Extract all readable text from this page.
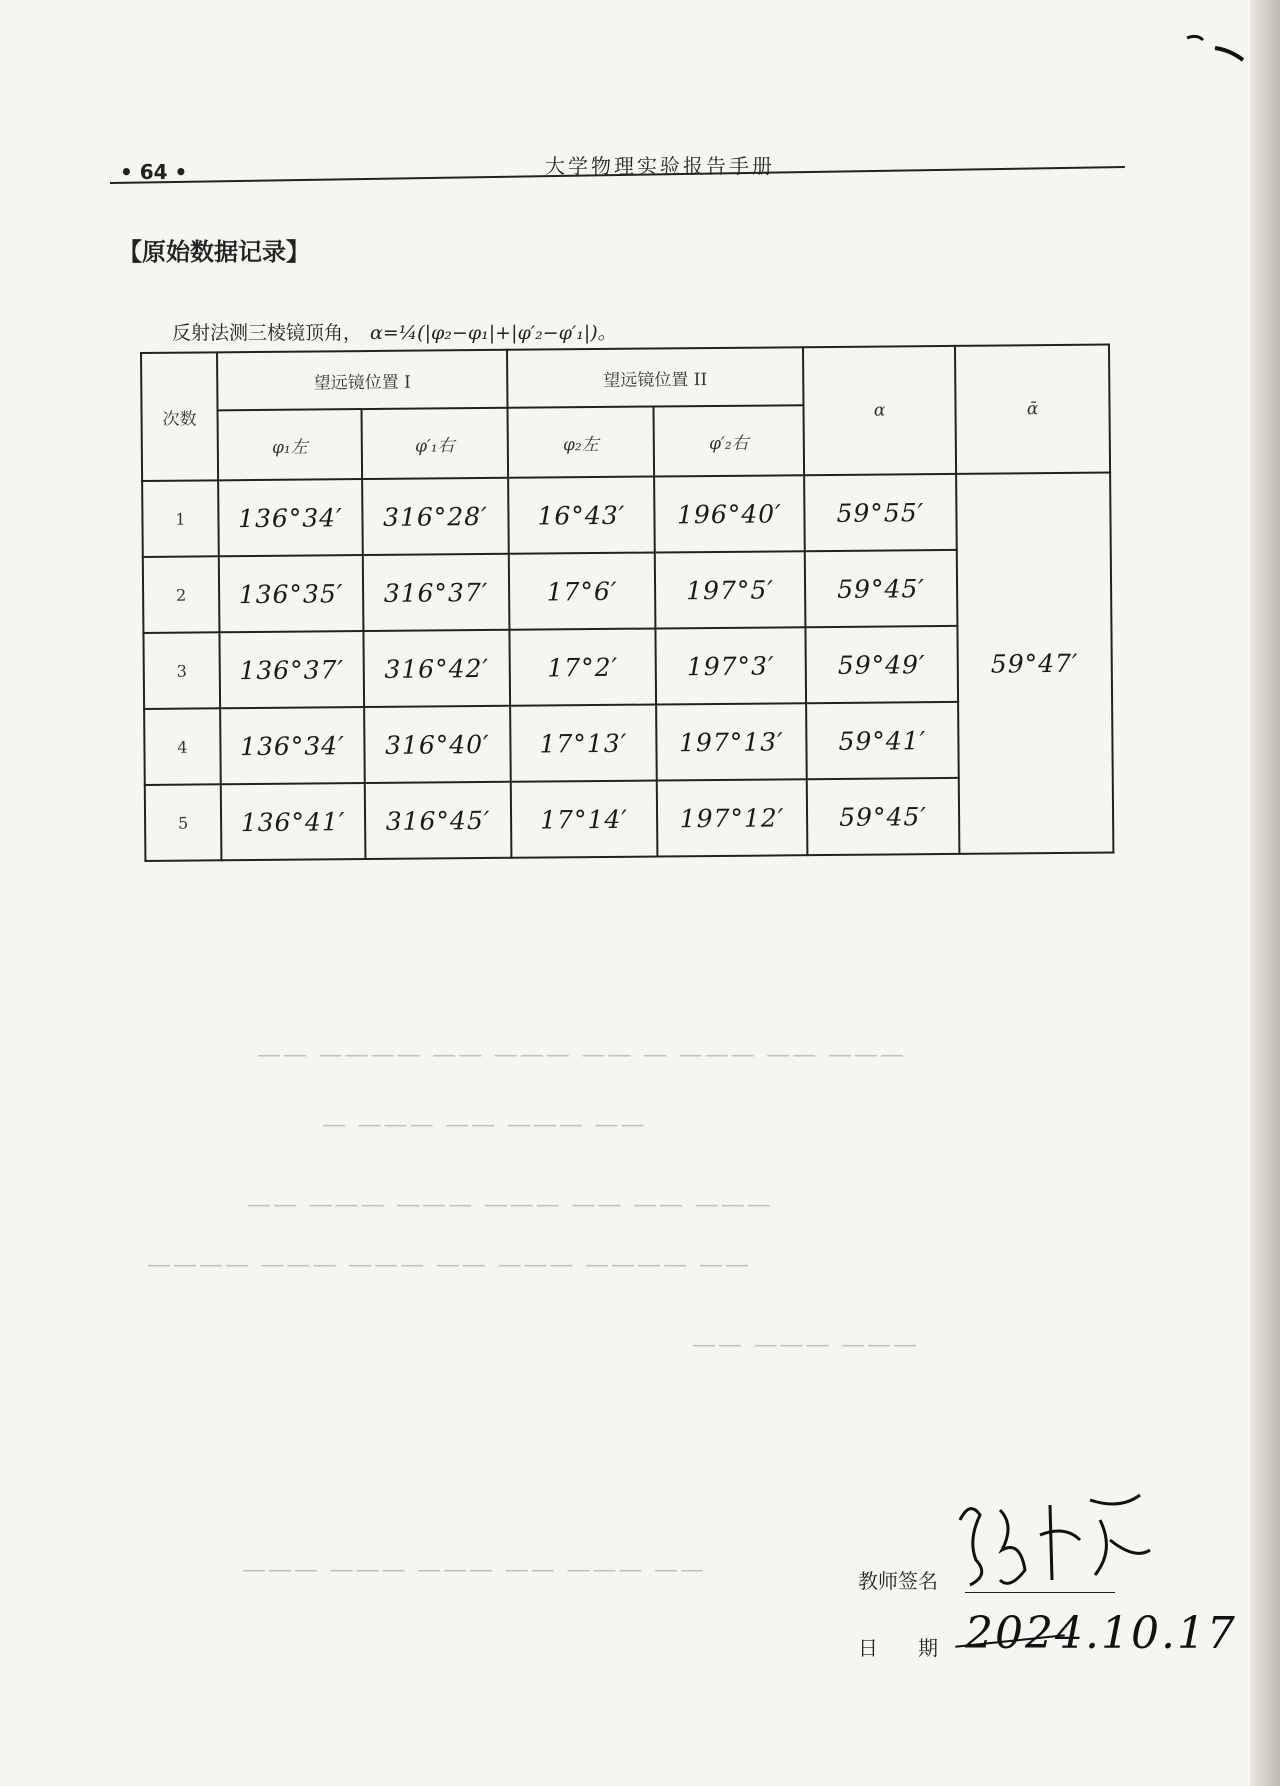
• 64 •	大学物理实验报告手册
【原始数据记录】
反射法测三棱镜顶角， α=¼(|φ₂−φ₁|+|φ′₂−φ′₁|)。
次数	望远镜位置 I		望远镜位置 II		α	ᾱ
	φ₁左	φ′₁右	φ₂左	φ′₂右		
1	136°34′	316°28′	16°43′	196°40′	59°55′	59°47′
2	136°35′	316°37′	17°6′	197°5′	59°45′	
3	136°37′	316°42′	17°2′	197°3′	59°49′	
4	136°34′	316°40′	17°13′	197°13′	59°41′	
5	136°41′	316°45′	17°14′	197°12′	59°45′	
——— —— ——— — —— ——— —— ———— ——
—— ——— —— ——— —
——— —— —— ——— ——— ——— ——
—— ———— ——— —— ——— ——— ————
——— ——— ——
—— ——— —— ——— ——— ———	教师签名
日　　期 2024.10.17
